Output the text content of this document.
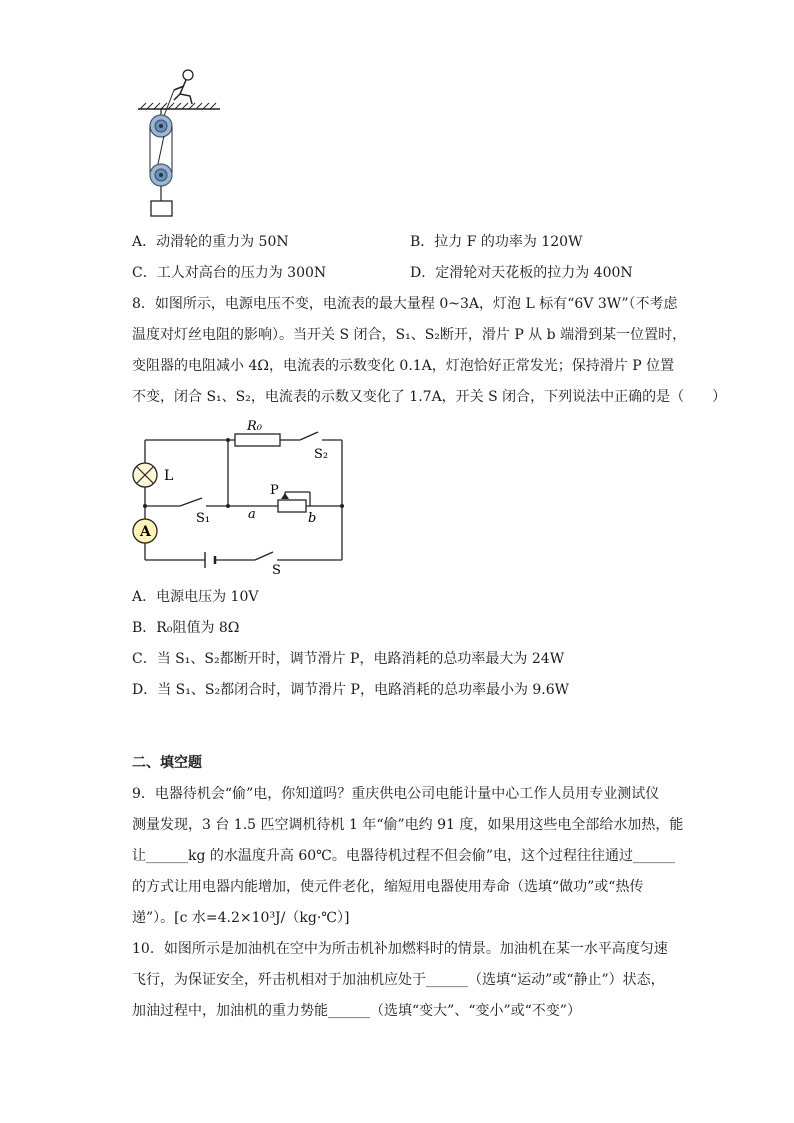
A．动滑轮的重力为 50N	B．拉力 F 的功率为 120W
C．工人对高台的压力为 300N	D．定滑轮对天花板的拉力为 400N
8．如图所示，电源电压不变，电流表的最大量程 0~3A，灯泡 L 标有“6V 3W”（不考虑
温度对灯丝电阻的影响）。当开关 S 闭合，S₁、S₂断开，滑片 P 从 b 端滑到某一位置时，
变阻器的电阻减小 4Ω，电流表的示数变化 0.1A，灯泡恰好正常发光；保持滑片 P 位置
不变，闭合 S₁、S₂，电流表的示数又变化了 1.7A，开关 S 闭合，下列说法中正确的是（　　）
R₀
S₂
L
S₁
P
a	b
A
S
A．电源电压为 10V
B．R₀阻值为 8Ω
C．当 S₁、S₂都断开时，调节滑片 P，电路消耗的总功率最大为 24W
D．当 S₁、S₂都闭合时，调节滑片 P，电路消耗的总功率最小为 9.6W
二、填空题
9．电器待机会“偷”电，你知道吗？重庆供电公司电能计量中心工作人员用专业测试仪
测量发现，3 台 1.5 匹空调机待机 1 年“偷”电约 91 度，如果用这些电全部给水加热，能
让______kg 的水温度升高 60℃。电器待机过程不但会偷”电，这个过程往往通过______
的方式让用电器内能增加，使元件老化，缩短用电器使用寿命（选填“做功”或“热传
递”）。[c 水=4.2×10³J/（kg·℃）]
10．如图所示是加油机在空中为所击机补加燃料时的情景。加油机在某一水平高度匀速
飞行，为保证安全，歼击机相对于加油机应处于______（选填“运动”或“静止”）状态，
加油过程中，加油机的重力势能______（选填“变大”、“变小”或“不变”）
